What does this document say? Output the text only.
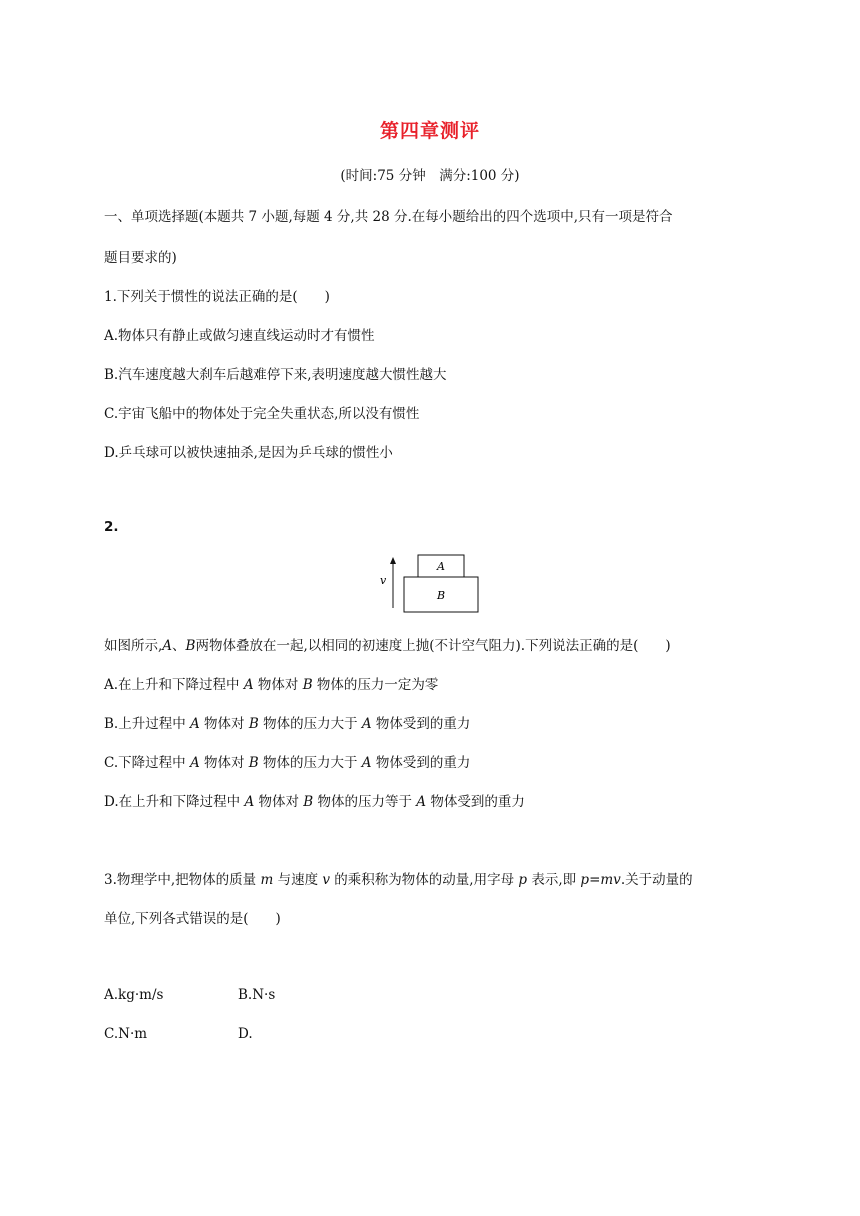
第四章测评
(时间:75 分钟　满分:100 分)
一、单项选择题(本题共 7 小题,每题 4 分,共 28 分.在每小题给出的四个选项中,只有一项是符合
题目要求的)
1.下列关于惯性的说法正确的是(　　)
A.物体只有静止或做匀速直线运动时才有惯性
B.汽车速度越大刹车后越难停下来,表明速度越大惯性越大
C.宇宙飞船中的物体处于完全失重状态,所以没有惯性
D.乒乓球可以被快速抽杀,是因为乒乓球的惯性小
2.
v
A
B
如图所示,A、B两物体叠放在一起,以相同的初速度上抛(不计空气阻力).下列说法正确的是(　　)
A.在上升和下降过程中 A 物体对 B 物体的压力一定为零
B.上升过程中 A 物体对 B 物体的压力大于 A 物体受到的重力
C.下降过程中 A 物体对 B 物体的压力大于 A 物体受到的重力
D.在上升和下降过程中 A 物体对 B 物体的压力等于 A 物体受到的重力
3.物理学中,把物体的质量 m 与速度 v 的乘积称为物体的动量,用字母 p 表示,即 p=mv.关于动量的
单位,下列各式错误的是(　　)
A.kg·m/s	B.N·s
C.N·m	D.
